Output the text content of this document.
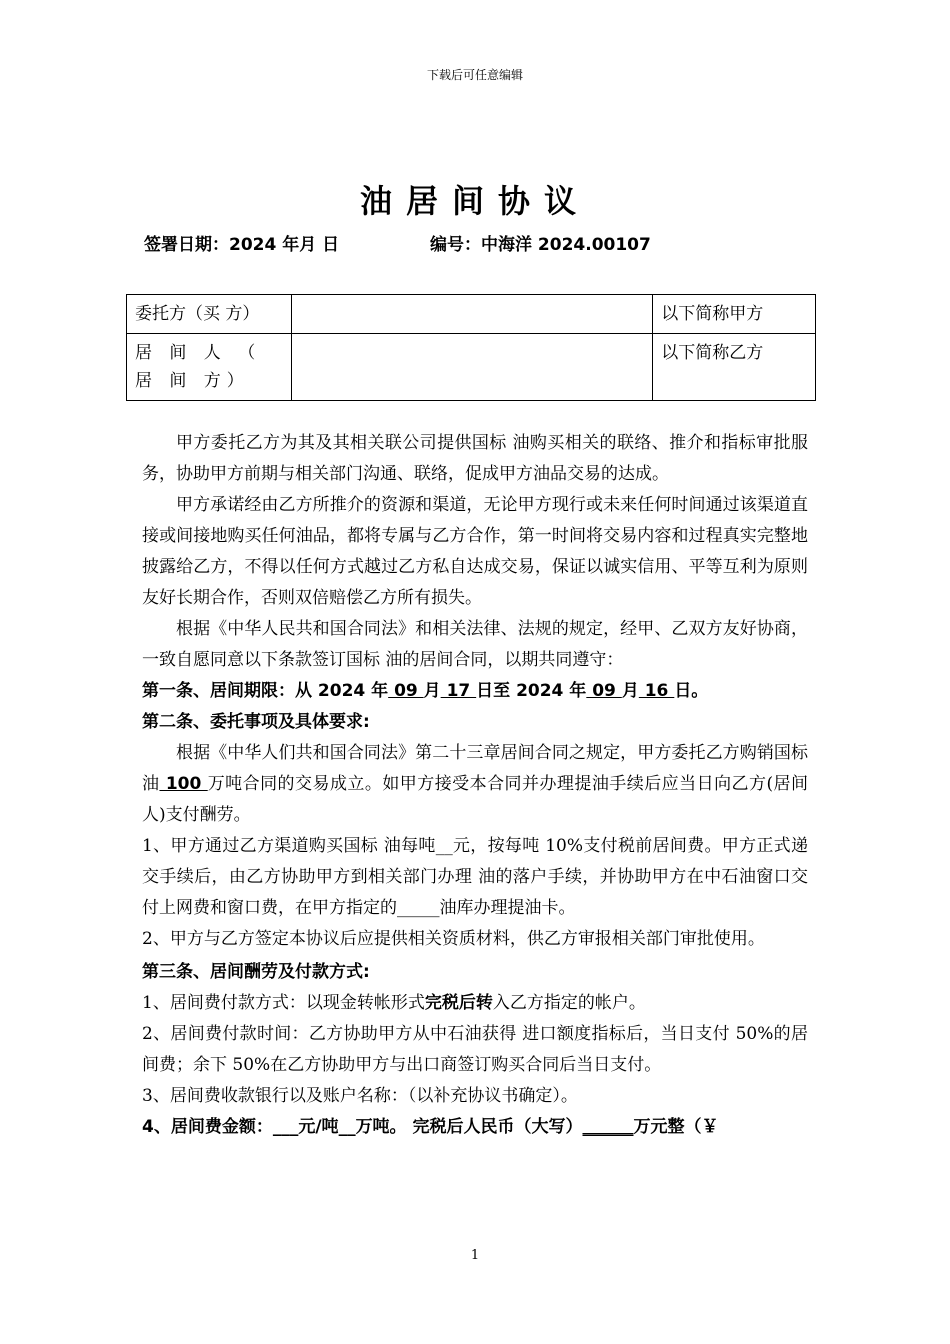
下载后可任意编辑
油居间协议
签署日期：2024 年月 日	编号：中海洋 2024.00107
委托方（买 方）		以下简称甲方
居 间 人 （ 居 间 方）		以下简称乙方

甲方委托乙方为其及其相关联公司提供国标 油购买相关的联络、推介和指标审批服务，协助甲方前期与相关部门沟通、联络，促成甲方油品交易的达成。

甲方承诺经由乙方所推介的资源和渠道，无论甲方现行或未来任何时间通过该渠道直接或间接地购买任何油品，都将专属与乙方合作，第一时间将交易内容和过程真实完整地披露给乙方，不得以任何方式越过乙方私自达成交易，保证以诚实信用、平等互利为原则友好长期合作，否则双倍赔偿乙方所有损失。

根据《中华人民共和国合同法》和相关法律、法规的规定，经甲、乙双方友好协商，一致自愿同意以下条款签订国标 油的居间合同，以期共同遵守：

第一条、居间期限：从 2024 年 09 月 17 日至 2024 年 09 月 16 日。

第二条、委托事项及具体要求:

根据《中华人们共和国合同法》第二十三章居间合同之规定，甲方委托乙方购销国标 油 100 万吨合同的交易成立。如甲方接受本合同并办理提油手续后应当日向乙方(居间人)支付酬劳。

1、甲方通过乙方渠道购买国标 油每吨__元，按每吨 10%支付税前居间费。甲方正式递交手续后，由乙方协助甲方到相关部门办理 油的落户手续，并协助甲方在中石油窗口交付上网费和窗口费，在甲方指定的_____油库办理提油卡。

2、甲方与乙方签定本协议后应提供相关资质材料，供乙方审报相关部门审批使用。

第三条、居间酬劳及付款方式:

1、居间费付款方式：以现金转帐形式完税后转入乙方指定的帐户。

2、居间费付款时间：乙方协助甲方从中石油获得 进口额度指标后，当日支付 50%的居间费；余下 50%在乙方协助甲方与出口商签订购买合同后当日支付。

3、居间费收款银行以及账户名称：（以补充协议书确定）。

4、居间费金额：___元/吨__万吨。 完税后人民币（大写）______万元整（￥

1
